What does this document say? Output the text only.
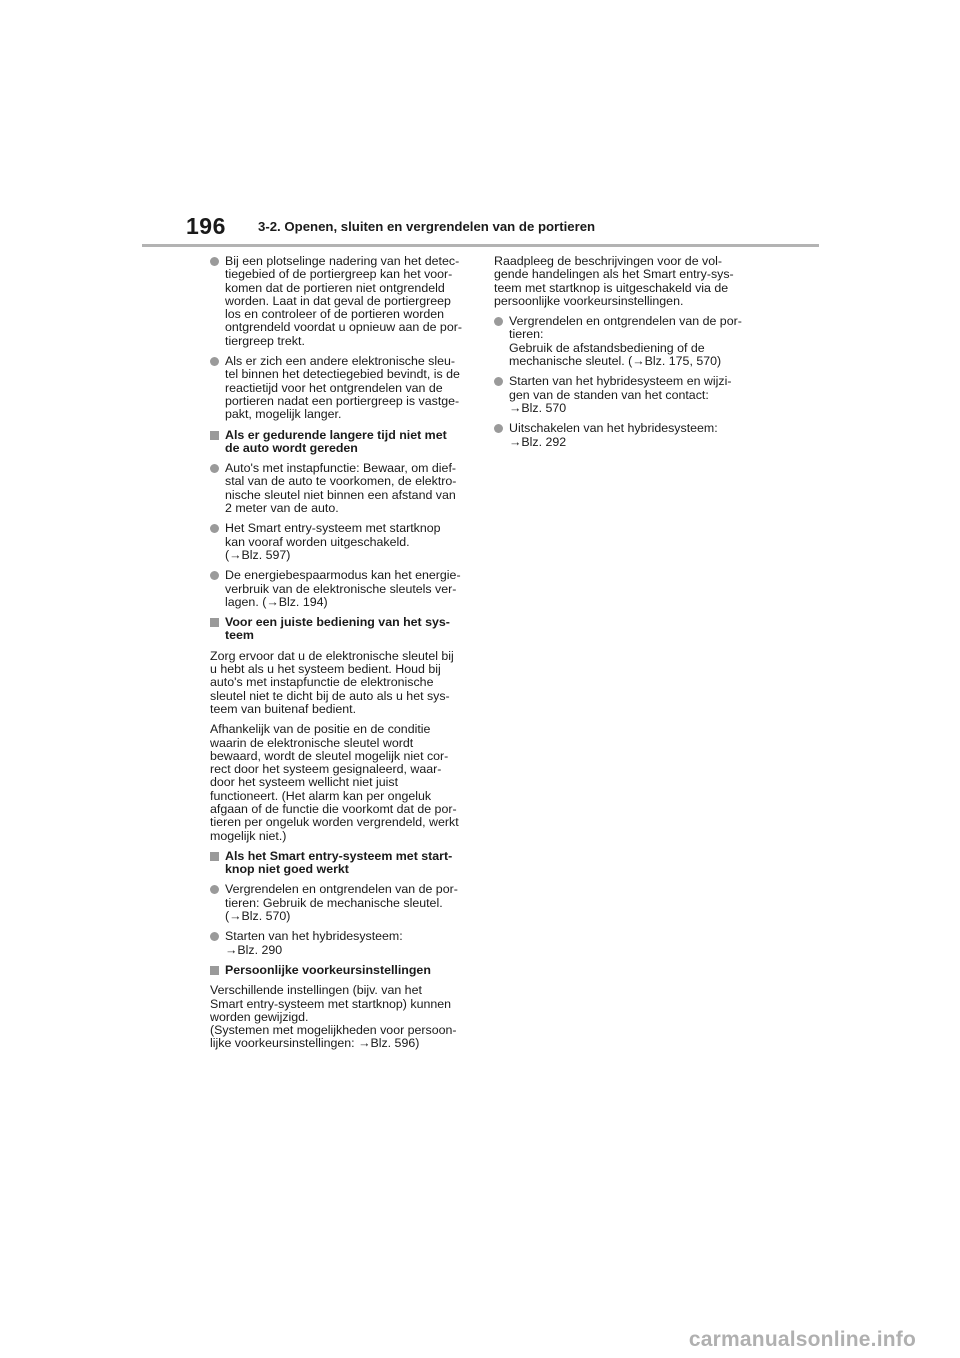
196 3-2. Openen, sluiten en vergrendelen van de portieren
Bij een plotselinge nadering van het detec-
tiegebied of de portiergreep kan het voor-
komen dat de portieren niet ontgrendeld
worden. Laat in dat geval de portiergreep
los en controleer of de portieren worden
ontgrendeld voordat u opnieuw aan de por-
tiergreep trekt.
Als er zich een andere elektronische sleu-
tel binnen het detectiegebied bevindt, is de
reactietijd voor het ontgrendelen van de
portieren nadat een portiergreep is vastge-
pakt, mogelijk langer.
Als er gedurende langere tijd niet met
de auto wordt gereden
Auto's met instapfunctie: Bewaar, om dief-
stal van de auto te voorkomen, de elektro-
nische sleutel niet binnen een afstand van
2 meter van de auto.
Het Smart entry-systeem met startknop
kan vooraf worden uitgeschakeld.
(→Blz. 597)
De energiebespaarmodus kan het energie-
verbruik van de elektronische sleutels ver-
lagen. (→Blz. 194)
Voor een juiste bediening van het sys-
teem
Zorg ervoor dat u de elektronische sleutel bij
u hebt als u het systeem bedient. Houd bij
auto's met instapfunctie de elektronische
sleutel niet te dicht bij de auto als u het sys-
teem van buitenaf bedient.
Afhankelijk van de positie en de conditie
waarin de elektronische sleutel wordt
bewaard, wordt de sleutel mogelijk niet cor-
rect door het systeem gesignaleerd, waar-
door het systeem wellicht niet juist
functioneert. (Het alarm kan per ongeluk
afgaan of de functie die voorkomt dat de por-
tieren per ongeluk worden vergrendeld, werkt
mogelijk niet.)
Als het Smart entry-systeem met start-
knop niet goed werkt
Vergrendelen en ontgrendelen van de por-
tieren: Gebruik de mechanische sleutel.
(→Blz. 570)
Starten van het hybridesysteem:
→Blz. 290
Persoonlijke voorkeursinstellingen
Verschillende instellingen (bijv. van het
Smart entry-systeem met startknop) kunnen
worden gewijzigd.
(Systemen met mogelijkheden voor persoon-
lijke voorkeursinstellingen: →Blz. 596)
Raadpleeg de beschrijvingen voor de vol-
gende handelingen als het Smart entry-sys-
teem met startknop is uitgeschakeld via de
persoonlijke voorkeursinstellingen.
Vergrendelen en ontgrendelen van de por-
tieren:
Gebruik de afstandsbediening of de
mechanische sleutel. (→Blz. 175, 570)
Starten van het hybridesysteem en wijzi-
gen van de standen van het contact:
→Blz. 570
Uitschakelen van het hybridesysteem:
→Blz. 292
carmanualsonline.info
